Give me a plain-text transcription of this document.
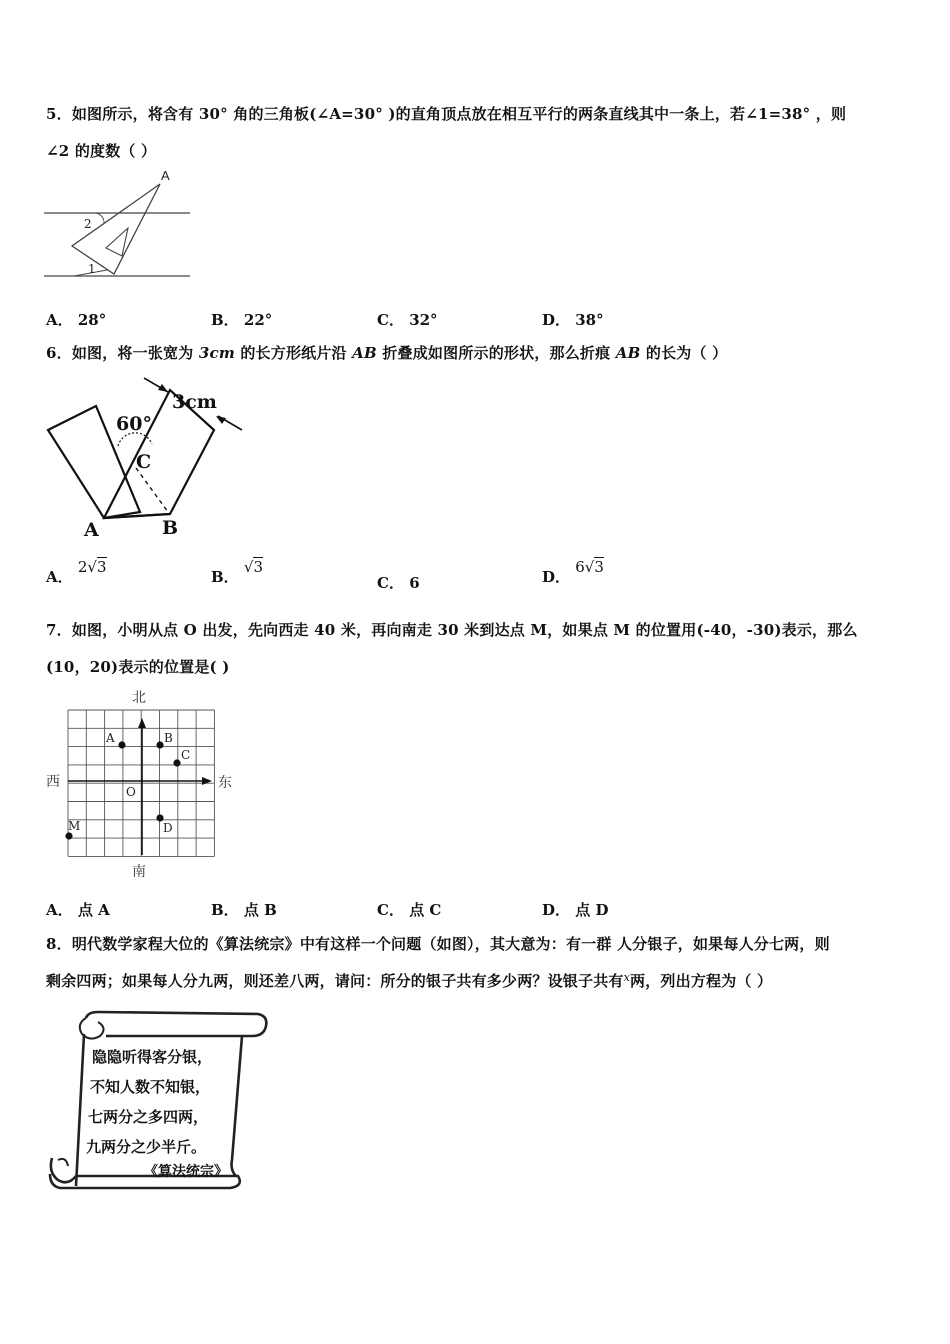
5．如图所示，将含有 30° 角的三角板(∠A=30° )的直角顶点放在相互平行的两条直线其中一条上，若∠1=38° ，则
∠2 的度数（ ）
A
2
1
A． 28°	B． 22°	C． 32°	D． 38°
6．如图，将一张宽为 3cm 的长方形纸片沿 AB 折叠成如图所示的形状，那么折痕 AB 的长为（ ）
60°
3cm
C
A	B
A． 2√3
B． √3
C． 6	D． 6√3
7．如图，小明从点 O 出发，先向西走 40 米，再向南走 30 米到达点 M，如果点 M 的位置用(-40，-30)表示，那么
(10，20)表示的位置是( )
北
南
西	东
O
A	B
C
D
M
A． 点 A	B． 点 B	C． 点 C	D． 点 D
8．明代数学家程大位的《算法统宗》中有这样一个问题（如图），其大意为：有一群 人分银子，如果每人分七两，则
剩余四两；如果每人分九两，则还差八两，请问：所分的银子共有多少两？设银子共有$^x$两，列出方程为（ ）
隐隐听得客分银，
不知人数不知银，
七两分之多四两，
九两分之少半斤。
《算法统宗》
